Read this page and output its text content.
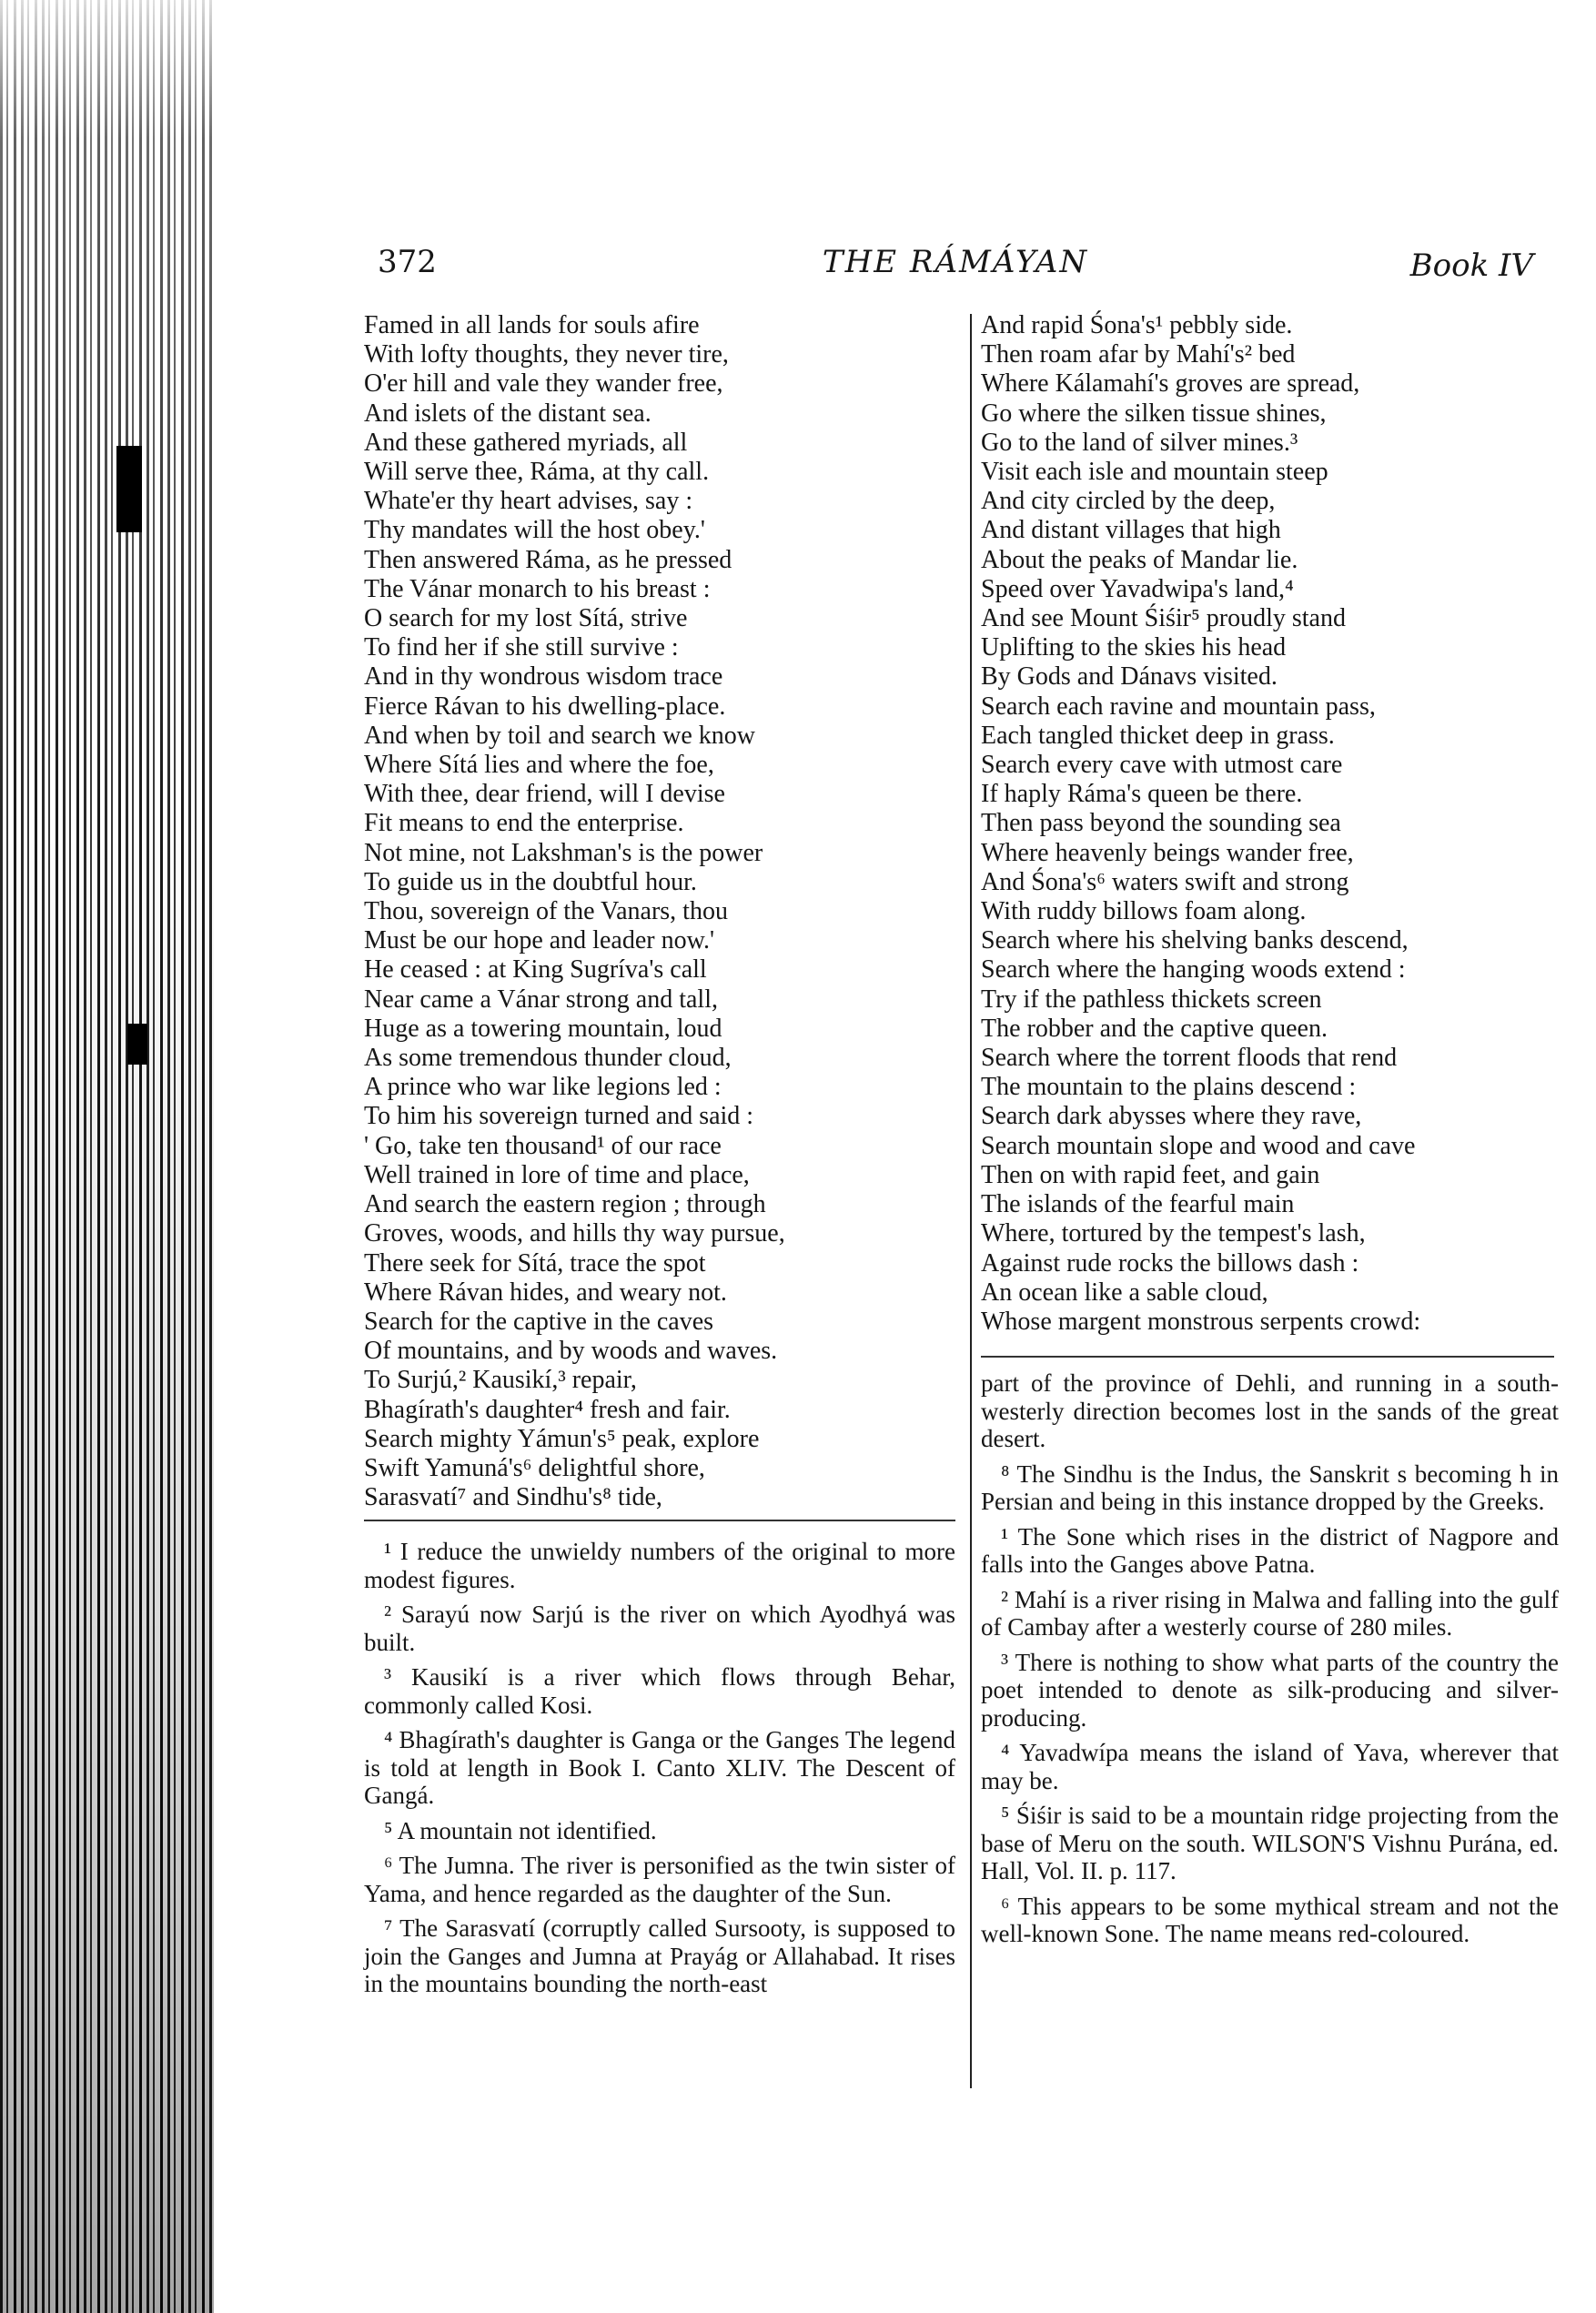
372	THE RÁMÁYAN	Book IV
Famed in all lands for souls afire
With lofty thoughts, they never tire,
O'er hill and vale they wander free,
And islets of the distant sea.
And these gathered myriads, all
Will serve thee, Ráma, at thy call.
Whate'er thy heart advises, say :
Thy mandates will the host obey.'
Then answered Ráma, as he pressed
The Vánar monarch to his breast :
O search for my lost Sítá, strive
To find her if she still survive :
And in thy wondrous wisdom trace
Fierce Rávan to his dwelling-place.
And when by toil and search we know
Where Sítá lies and where the foe,
With thee, dear friend, will I devise
Fit means to end the enterprise.
Not mine, not Lakshman's is the power
To guide us in the doubtful hour.
Thou, sovereign of the Vanars, thou
Must be our hope and leader now.'
He ceased : at King Sugríva's call
Near came a Vánar strong and tall,
Huge as a towering mountain, loud
As some tremendous thunder cloud,
A prince who war like legions led :
To him his sovereign turned and said :
' Go, take ten thousand¹ of our race
Well trained in lore of time and place,
And search the eastern region ; through
Groves, woods, and hills thy way pursue,
There seek for Sítá, trace the spot
Where Rávan hides, and weary not.
Search for the captive in the caves
Of mountains, and by woods and waves.
To Surjú,² Kausikí,³ repair,
Bhagírath's daughter⁴ fresh and fair.
Search mighty Yámun's⁵ peak, explore
Swift Yamuná's⁶ delightful shore,
Sarasvatí⁷ and Sindhu's⁸ tide,
And rapid Śona's¹ pebbly side.
Then roam afar by Mahí's² bed
Where Kálamahí's groves are spread,
Go where the silken tissue shines,
Go to the land of silver mines.³
Visit each isle and mountain steep
And city circled by the deep,
And distant villages that high
About the peaks of Mandar lie.
Speed over Yavadwipa's land,⁴
And see Mount Śiśir⁵ proudly stand
Uplifting to the skies his head
By Gods and Dánavs visited.
Search each ravine and mountain pass,
Each tangled thicket deep in grass.
Search every cave with utmost care
If haply Ráma's queen be there.
Then pass beyond the sounding sea
Where heavenly beings wander free,
And Śona's⁶ waters swift and strong
With ruddy billows foam along.
Search where his shelving banks descend,
Search where the hanging woods extend :
Try if the pathless thickets screen
The robber and the captive queen.
Search where the torrent floods that rend
The mountain to the plains descend :
Search dark abysses where they rave,
Search mountain slope and wood and cave
Then on with rapid feet, and gain
The islands of the fearful main
Where, tortured by the tempest's lash,
Against rude rocks the billows dash :
An ocean like a sable cloud,
Whose margent monstrous serpents crowd:

¹ I reduce the unwieldy numbers of the original to more modest figures.

² Sarayú now Sarjú is the river on which Ayodhyá was built.

³ Kausikí is a river which flows through Behar, commonly called Kosi.

⁴ Bhagírath's daughter is Ganga or the Ganges The legend is told at length in Book I. Canto XLIV. The Descent of Gangá.

⁵ A mountain not identified.

⁶ The Jumna. The river is personified as the twin sister of Yama, and hence regarded as the daughter of the Sun.

⁷ The Sarasvatí (corruptly called Sursooty, is supposed to join the Ganges and Jumna at Prayág or Allahabad. It rises in the mountains bounding the north-east

part of the province of Dehli, and running in a south-westerly direction becomes lost in the sands of the great desert.

⁸ The Sindhu is the Indus, the Sanskrit s becoming h in Persian and being in this instance dropped by the Greeks.

¹ The Sone which rises in the district of Nagpore and falls into the Ganges above Patna.

² Mahí is a river rising in Malwa and falling into the gulf of Cambay after a westerly course of 280 miles.

³ There is nothing to show what parts of the country the poet intended to denote as silk-producing and silver-producing.

⁴ Yavadwípa means the island of Yava, wherever that may be.

⁵ Śiśir is said to be a mountain ridge projecting from the base of Meru on the south. WILSON'S Vishnu Purána, ed. Hall, Vol. II. p. 117.

⁶ This appears to be some mythical stream and not the well-known Sone. The name means red-coloured.
